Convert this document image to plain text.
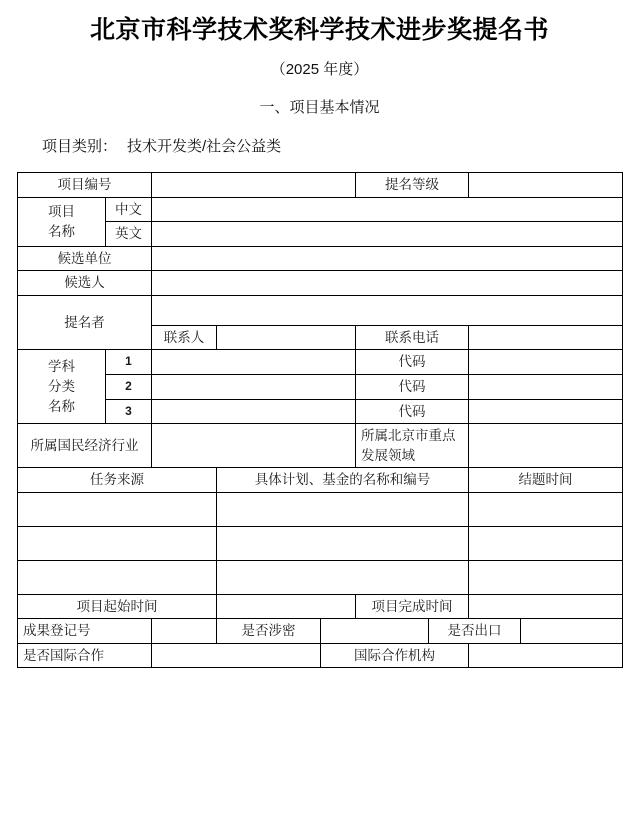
北京市科学技术奖科学技术进步奖提名书
（2025 年度）
一、项目基本情况
项目类别： 技术开发类/社会公益类
项目编号					提名等级			

项目
名称	中文							
	英文							
候选单位								
候选人								
提名者								
		联系人			联系电话			

学科
分类
名称	1				代码			
	2				代码			
	3				代码			
所属国民经济行业					所属北京市重点
发展领域			

任务来源			具体计划、基金的名称和编号				结题时间	

项目起始时间					项目完成时间			
成果登记号			是否涉密			是否出口		
是否国际合作				国际合作机构				
